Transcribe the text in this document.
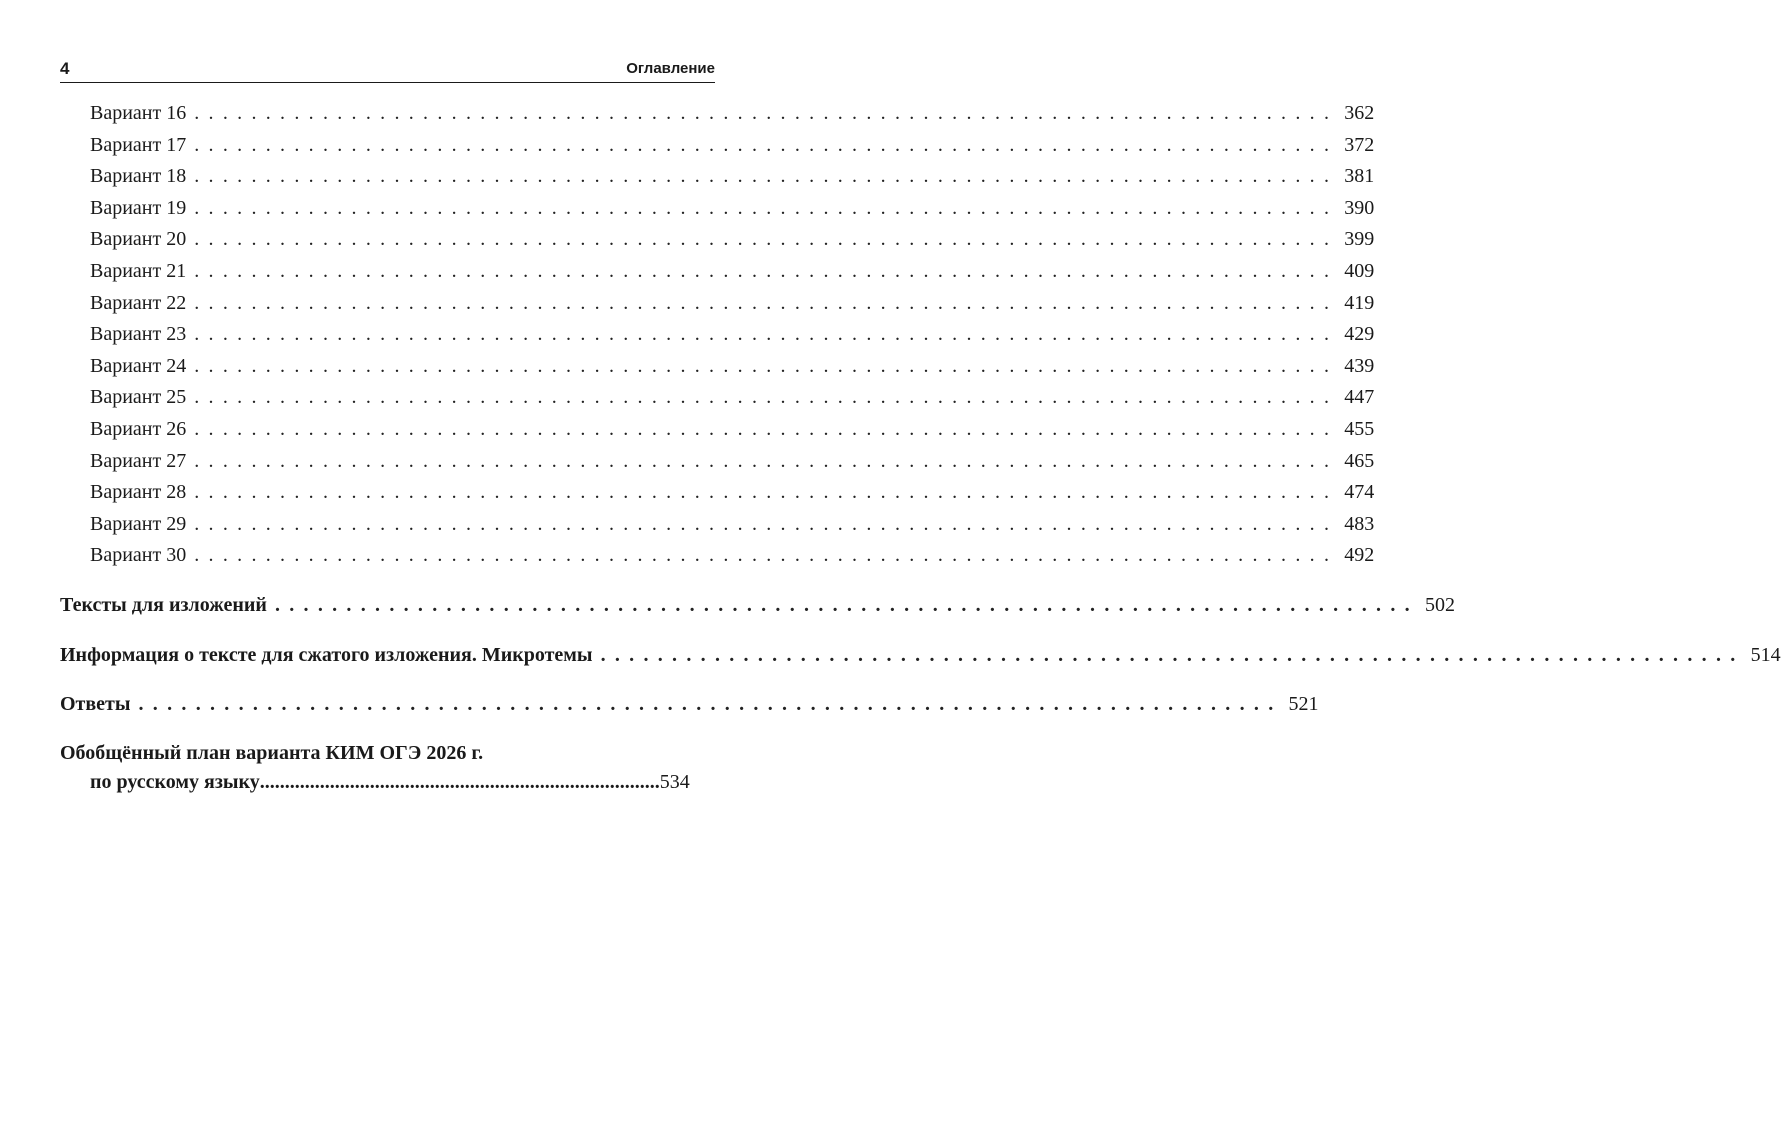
4	Оглавление
Вариант 16 ................................................................................ 362
Вариант 17 ................................................................................ 372
Вариант 18 ................................................................................ 381
Вариант 19 ................................................................................ 390
Вариант 20 ................................................................................ 399
Вариант 21 ................................................................................ 409
Вариант 22 ................................................................................ 419
Вариант 23 ................................................................................ 429
Вариант 24 ................................................................................ 439
Вариант 25 ................................................................................ 447
Вариант 26 ................................................................................ 455
Вариант 27 ................................................................................ 465
Вариант 28 ................................................................................ 474
Вариант 29 ................................................................................ 483
Вариант 30 ................................................................................ 492
Тексты для изложений ................................................................................ 502
Информация о тексте для сжатого изложения. Микротемы ................................................................................ 514
Ответы ................................................................................ 521
Обобщённый план варианта КИМ ОГЭ 2026 г.
по русскому языку ................................................................................ 534
